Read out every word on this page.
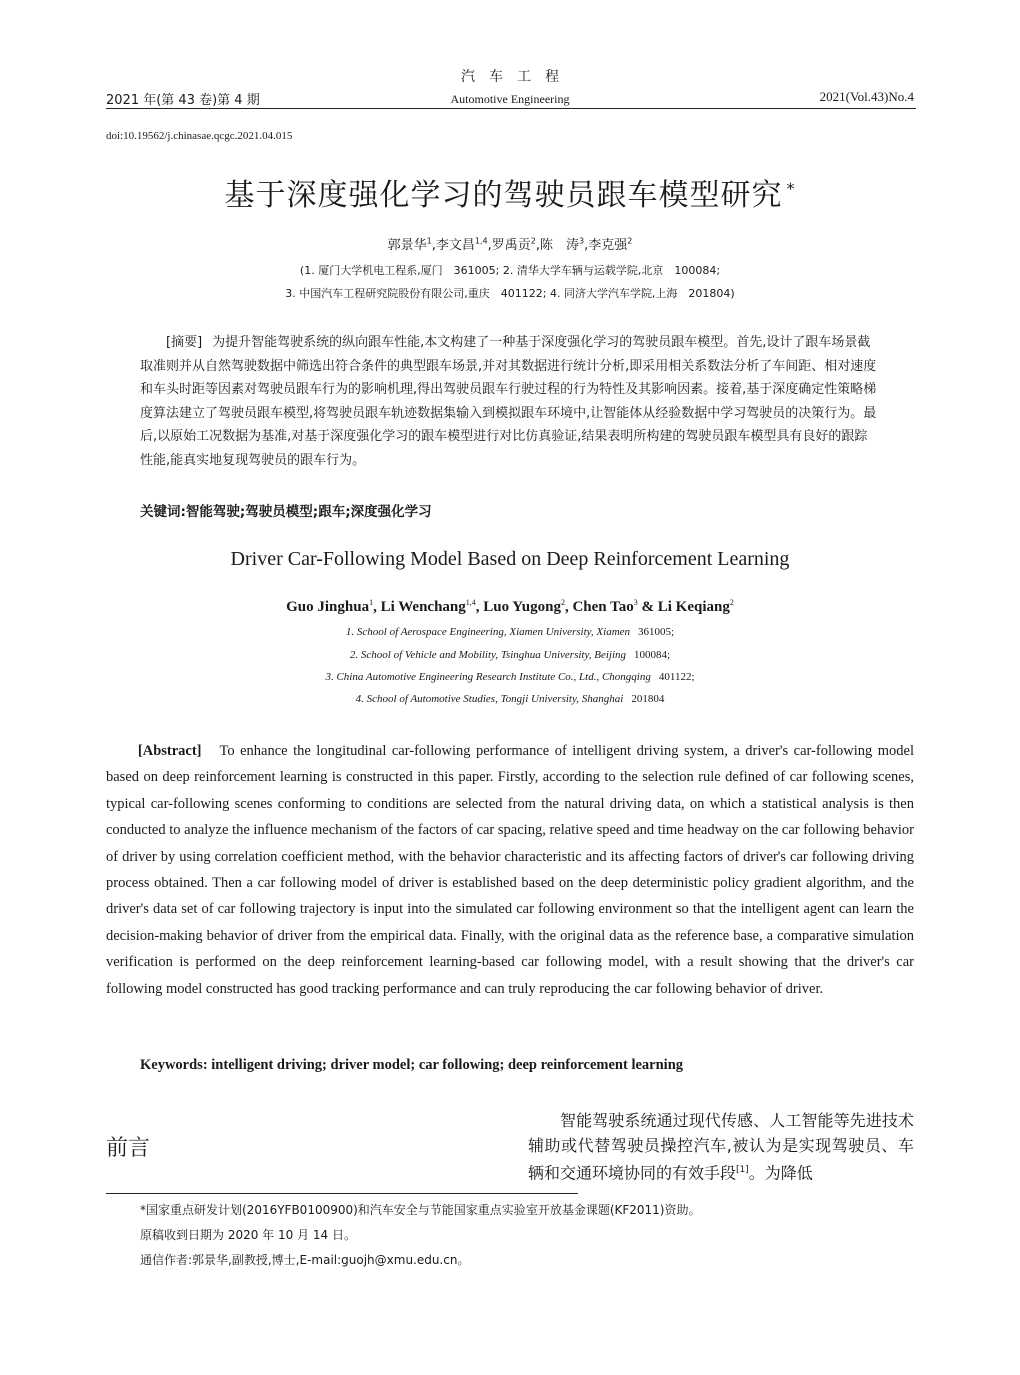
汽车工程
2021 年(第 43 卷)第 4 期	Automotive Engineering	2021(Vol.43)No.4
doi:10.19562/j.chinasae.qcgc.2021.04.015
基于深度强化学习的驾驶员跟车模型研究 *
郭景华$^1$,李文昌$^{1,4}$,罗禹贡$^2$,陈　涛$^3$,李克强$^2$
(1. 厦门大学机电工程系,厦门　361005; 2. 清华大学车辆与运载学院,北京　100084;
3. 中国汽车工程研究院股份有限公司,重庆　401122; 4. 同济大学汽车学院,上海　201804)
[摘要] 为提升智能驾驶系统的纵向跟车性能,本文构建了一种基于深度强化学习的驾驶员跟车模型。首先,设计了跟车场景截取准则并从自然驾驶数据中筛选出符合条件的典型跟车场景,并对其数据进行统计分析,即采用相关系数法分析了车间距、相对速度和车头时距等因素对驾驶员跟车行为的影响机理,得出驾驶员跟车行驶过程的行为特性及其影响因素。接着,基于深度确定性策略梯度算法建立了驾驶员跟车模型,将驾驶员跟车轨迹数据集输入到模拟跟车环境中,让智能体从经验数据中学习驾驶员的决策行为。最后,以原始工况数据为基准,对基于深度强化学习的跟车模型进行对比仿真验证,结果表明所构建的驾驶员跟车模型具有良好的跟踪性能,能真实地复现驾驶员的跟车行为。
关键词:智能驾驶;驾驶员模型;跟车;深度强化学习
Driver Car-Following Model Based on Deep Reinforcement Learning
Guo Jinghua$^1$, Li Wenchang$^{1,4}$, Luo Yugong$^2$, Chen Tao$^3$ & Li Keqiang$^2$
1. School of Aerospace Engineering, Xiamen University, Xiamen 361005;
2. School of Vehicle and Mobility, Tsinghua University, Beijing 100084;
3. China Automotive Engineering Research Institute Co., Ltd., Chongqing 401122;
4. School of Automotive Studies, Tongji University, Shanghai 201804
[Abstract] To enhance the longitudinal car-following performance of intelligent driving system, a driver's car-following model based on deep reinforcement learning is constructed in this paper. Firstly, according to the selection rule defined of car following scenes, typical car-following scenes conforming to conditions are selected from the natural driving data, on which a statistical analysis is then conducted to analyze the influence mechanism of the factors of car spacing, relative speed and time headway on the car following behavior of driver by using correlation coefficient method, with the behavior characteristic and its affecting factors of driver's car following driving process obtained. Then a car following model of driver is established based on the deep deterministic policy gradient algorithm, and the driver's data set of car following trajectory is input into the simulated car following environment so that the intelligent agent can learn the decision-making behavior of driver from the empirical data. Finally, with the original data as the reference base, a comparative simulation verification is performed on the deep reinforcement learning-based car following model, with a result showing that the driver's car following model constructed has good tracking performance and can truly reproducing the car following behavior of driver.
Keywords: intelligent driving; driver model; car following; deep reinforcement learning
前言
智能驾驶系统通过现代传感、人工智能等先进技术辅助或代替驾驶员操控汽车,被认为是实现驾驶员、车辆和交通环境协同的有效手段[1]。为降低
*国家重点研发计划(2016YFB0100900)和汽车安全与节能国家重点实验室开放基金课题(KF2011)资助。
原稿收到日期为 2020 年 10 月 14 日。
通信作者:郭景华,副教授,博士,E-mail:guojh@xmu.edu.cn。
